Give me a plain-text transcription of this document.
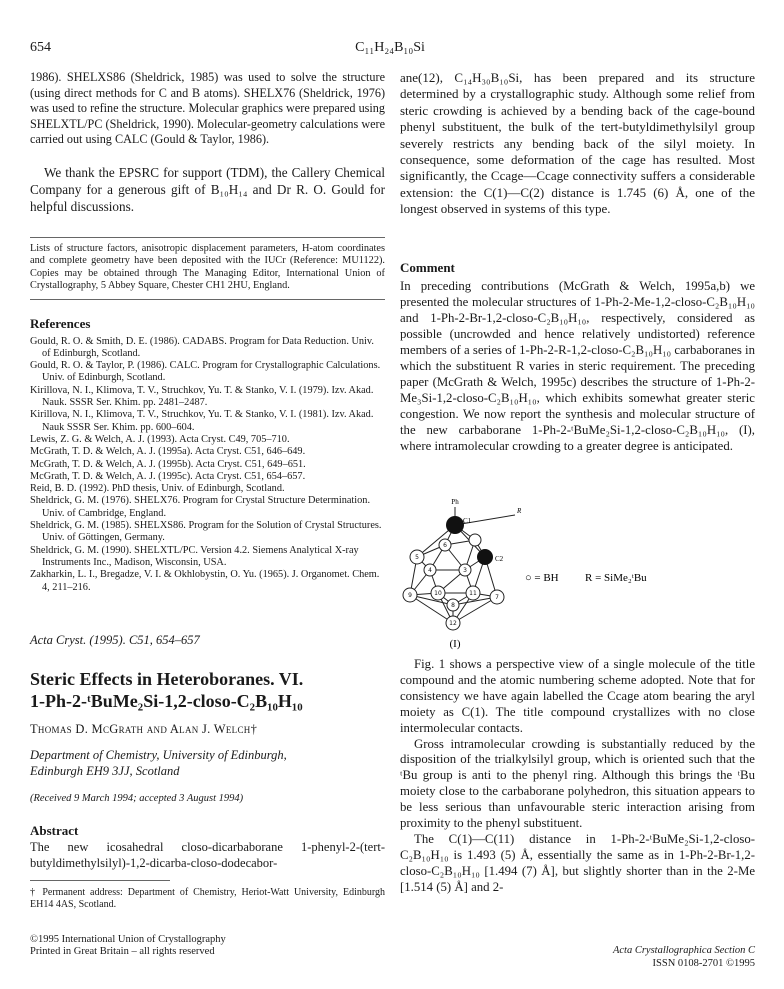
654	C₁₁H₂₄B₁₀Si

1986). SHELXS86 (Sheldrick, 1985) was used to solve the structure (using direct methods for C and B atoms). SHELX76 (Sheldrick, 1976) was used to refine the structure. Molecular graphics were prepared using SHELXTL/PC (Sheldrick, 1990). Molecular-geometry calculations were carried out using CALC (Gould & Taylor, 1986).

We thank the EPSRC for support (TDM), the Callery Chemical Company for a generous gift of B₁₀H₁₄ and Dr R. O. Gould for helpful discussions.

Lists of structure factors, anisotropic displacement parameters, H-atom coordinates and complete geometry have been deposited with the IUCr (Reference: MU1122). Copies may be obtained through The Managing Editor, International Union of Crystallography, 5 Abbey Square, Chester CH1 2HU, England.

References

Gould, R. O. & Smith, D. E. (1986). CADABS. Program for Data Reduction. Univ. of Edinburgh, Scotland.

Gould, R. O. & Taylor, P. (1986). CALC. Program for Crystallographic Calculations. Univ. of Edinburgh, Scotland.

Kirillova, N. I., Klimova, T. V., Struchkov, Yu. T. & Stanko, V. I. (1979). Izv. Akad. Nauk. SSSR Ser. Khim. pp. 2481–2487.

Kirillova, N. I., Klimova, T. V., Struchkov, Yu. T. & Stanko, V. I. (1981). Izv. Akad. Nauk SSSR Ser. Khim. pp. 600–604.

Lewis, Z. G. & Welch, A. J. (1993). Acta Cryst. C49, 705–710.

McGrath, T. D. & Welch, A. J. (1995a). Acta Cryst. C51, 646–649.

McGrath, T. D. & Welch, A. J. (1995b). Acta Cryst. C51, 649–651.

McGrath, T. D. & Welch, A. J. (1995c). Acta Cryst. C51, 654–657.

Reid, B. D. (1992). PhD thesis, Univ. of Edinburgh, Scotland.

Sheldrick, G. M. (1976). SHELX76. Program for Crystal Structure Determination. Univ. of Cambridge, England.

Sheldrick, G. M. (1985). SHELXS86. Program for the Solution of Crystal Structures. Univ. of Göttingen, Germany.

Sheldrick, G. M. (1990). SHELXTL/PC. Version 4.2. Siemens Analytical X-ray Instruments Inc., Madison, Wisconsin, USA.

Zakharkin, L. I., Bregadze, V. I. & Okhlobystin, O. Yu. (1965). J. Organomet. Chem. 4, 211–216.

Acta Cryst. (1995). C51, 654–657

Steric Effects in Heteroboranes. VI.

1-Ph-2-ᵗBuMe₂Si-1,2-closo-C₂B₁₀H₁₀

Thomas D. McGrath and Alan J. Welch†
Department of Chemistry, University of Edinburgh,
Edinburgh EH9 3JJ, Scotland
(Received 9 March 1994; accepted 3 August 1994)
Abstract

The new icosahedral closo-dicarbaborane 1-phenyl-2-(tert-butyldimethylsilyl)-1,2-dicarba-closo-dodecabor-

† Permanent address: Department of Chemistry, Heriot-Watt University, Edinburgh EH14 4AS, Scotland.

©1995 International Union of Crystallography
Printed in Great Britain – all rights reserved

ane(12), C₁₄H₃₀B₁₀Si, has been prepared and its structure determined by a crystallographic study. Although some relief from steric crowding is achieved by a bending back of the cage-bound phenyl substituent, the bulk of the tert-butyldimethylsilyl group severely restricts any bending back of the silyl moiety. In consequence, some deformation of the cage has resulted. Most significantly, the Ccage—Ccage connectivity suffers a considerable extension: the C(1)—C(2) distance is 1.745 (6) Å, one of the longest observed in systems of this type.

Comment

In preceding contributions (McGrath & Welch, 1995a,b) we presented the molecular structures of 1-Ph-2-Me-1,2-closo-C₂B₁₀H₁₀ and 1-Ph-2-Br-1,2-closo-C₂B₁₀H₁₀, respectively, considered as possible (uncrowded and hence relatively undistorted) reference members of a series of 1-Ph-2-R-1,2-closo-C₂B₁₀H₁₀ carbaboranes in which the substituent R varies in steric requirement. The preceding paper (McGrath & Welch, 1995c) describes the structure of 1-Ph-2-Me₃Si-1,2-closo-C₂B₁₀H₁₀, which exhibits somewhat greater steric congestion. We now report the synthesis and molecular structure of the new carbaborane 1-Ph-2-ᵗBuMe₂Si-1,2-closo-C₂B₁₀H₁₀, (I), where intramolecular crowding to a greater degree is anticipated.

5
6
4	3
9	10	11
7
8
12
Ph
C1
C2
R
○ = BH R = SiMe₂ᵗBu
(I)

Fig. 1 shows a perspective view of a single molecule of the title compound and the atomic numbering scheme adopted. Note that for consistency we have again labelled the Ccage atom bearing the aryl moiety as C(1). The title compound crystallizes with no close intermolecular contacts.

Gross intramolecular crowding is substantially reduced by the disposition of the trialkylsilyl group, which is oriented such that the ᵗBu group is anti to the phenyl ring. Although this brings the ᵗBu moiety close to the carbaborane polyhedron, this situation appears to be less serious than unfavourable steric interaction arising from proximity to the phenyl substituent.

The C(1)—C(11) distance in 1-Ph-2-ᵗBuMe₂Si-1,2-closo-C₂B₁₀H₁₀ is 1.493 (5) Å, essentially the same as in 1-Ph-2-Br-1,2-closo-C₂B₁₀H₁₀ [1.494 (7) Å], but slightly shorter than in the 2-Me [1.514 (5) Å] and 2-

Acta Crystallographica Section C
ISSN 0108-2701 ©1995
